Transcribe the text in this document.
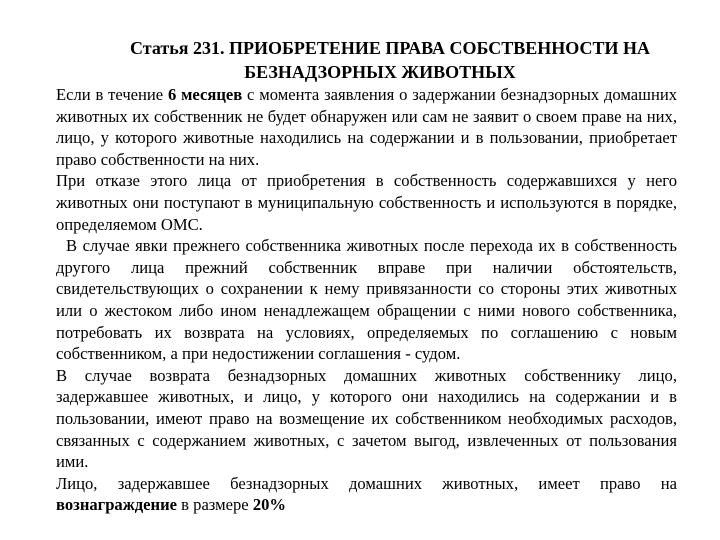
Статья 231. ПРИОБРЕТЕНИЕ ПРАВА СОБСТВЕННОСТИ НА
БЕЗНАДЗОРНЫХ ЖИВОТНЫХ

Если в течение 6 месяцев с момента заявления о задержании безнадзорных домашних животных их собственник не будет обнаружен или сам не заявит о своем праве на них, лицо, у которого животные находились на содержании и в пользовании, приобретает право собственности на них.

При отказе этого лица от приобретения в собственность содержавшихся у него животных они поступают в муниципальную собственность и используются в порядке, определяемом ОМС.

В случае явки прежнего собственника животных после перехода их в собственность другого лица прежний собственник вправе при наличии обстоятельств, свидетельствующих о сохранении к нему привязанности со стороны этих животных или о жестоком либо ином ненадлежащем обращении с ними нового собственника, потребовать их возврата на условиях, определяемых по соглашению с новым собственником, а при недостижении соглашения - судом.

В случае возврата безнадзорных домашних животных собственнику лицо, задержавшее животных, и лицо, у которого они находились на содержании и в пользовании, имеют право на возмещение их собственником необходимых расходов, связанных с содержанием животных, с зачетом выгод, извлеченных от пользования ими.

Лицо, задержавшее безнадзорных домашних животных, имеет право на вознаграждение в размере 20%
